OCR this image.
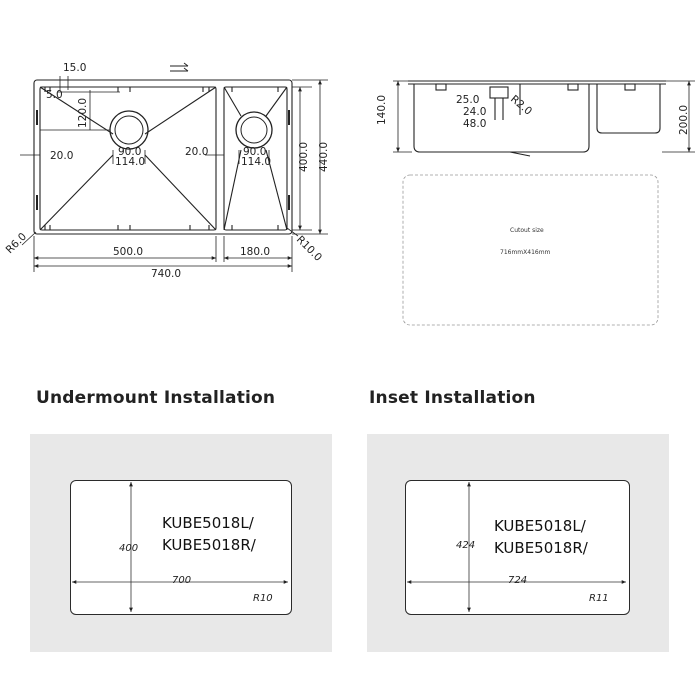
15.0
5.0
120.0
20.0	20.0
90.0
114.0
90.0
114.0	400.0 440.0
R6.0	R10.0
500.0	180.0
740.0
140.0	200.0
25.0
24.0
48.0
R2.0
Cutout size
716mmX416mm
Undermount Installation	Inset Installation
KUBE5018L/
KUBE5018R/
KUBE5018L/
KUBE5018R/
400
700
R10
424
724
R11
